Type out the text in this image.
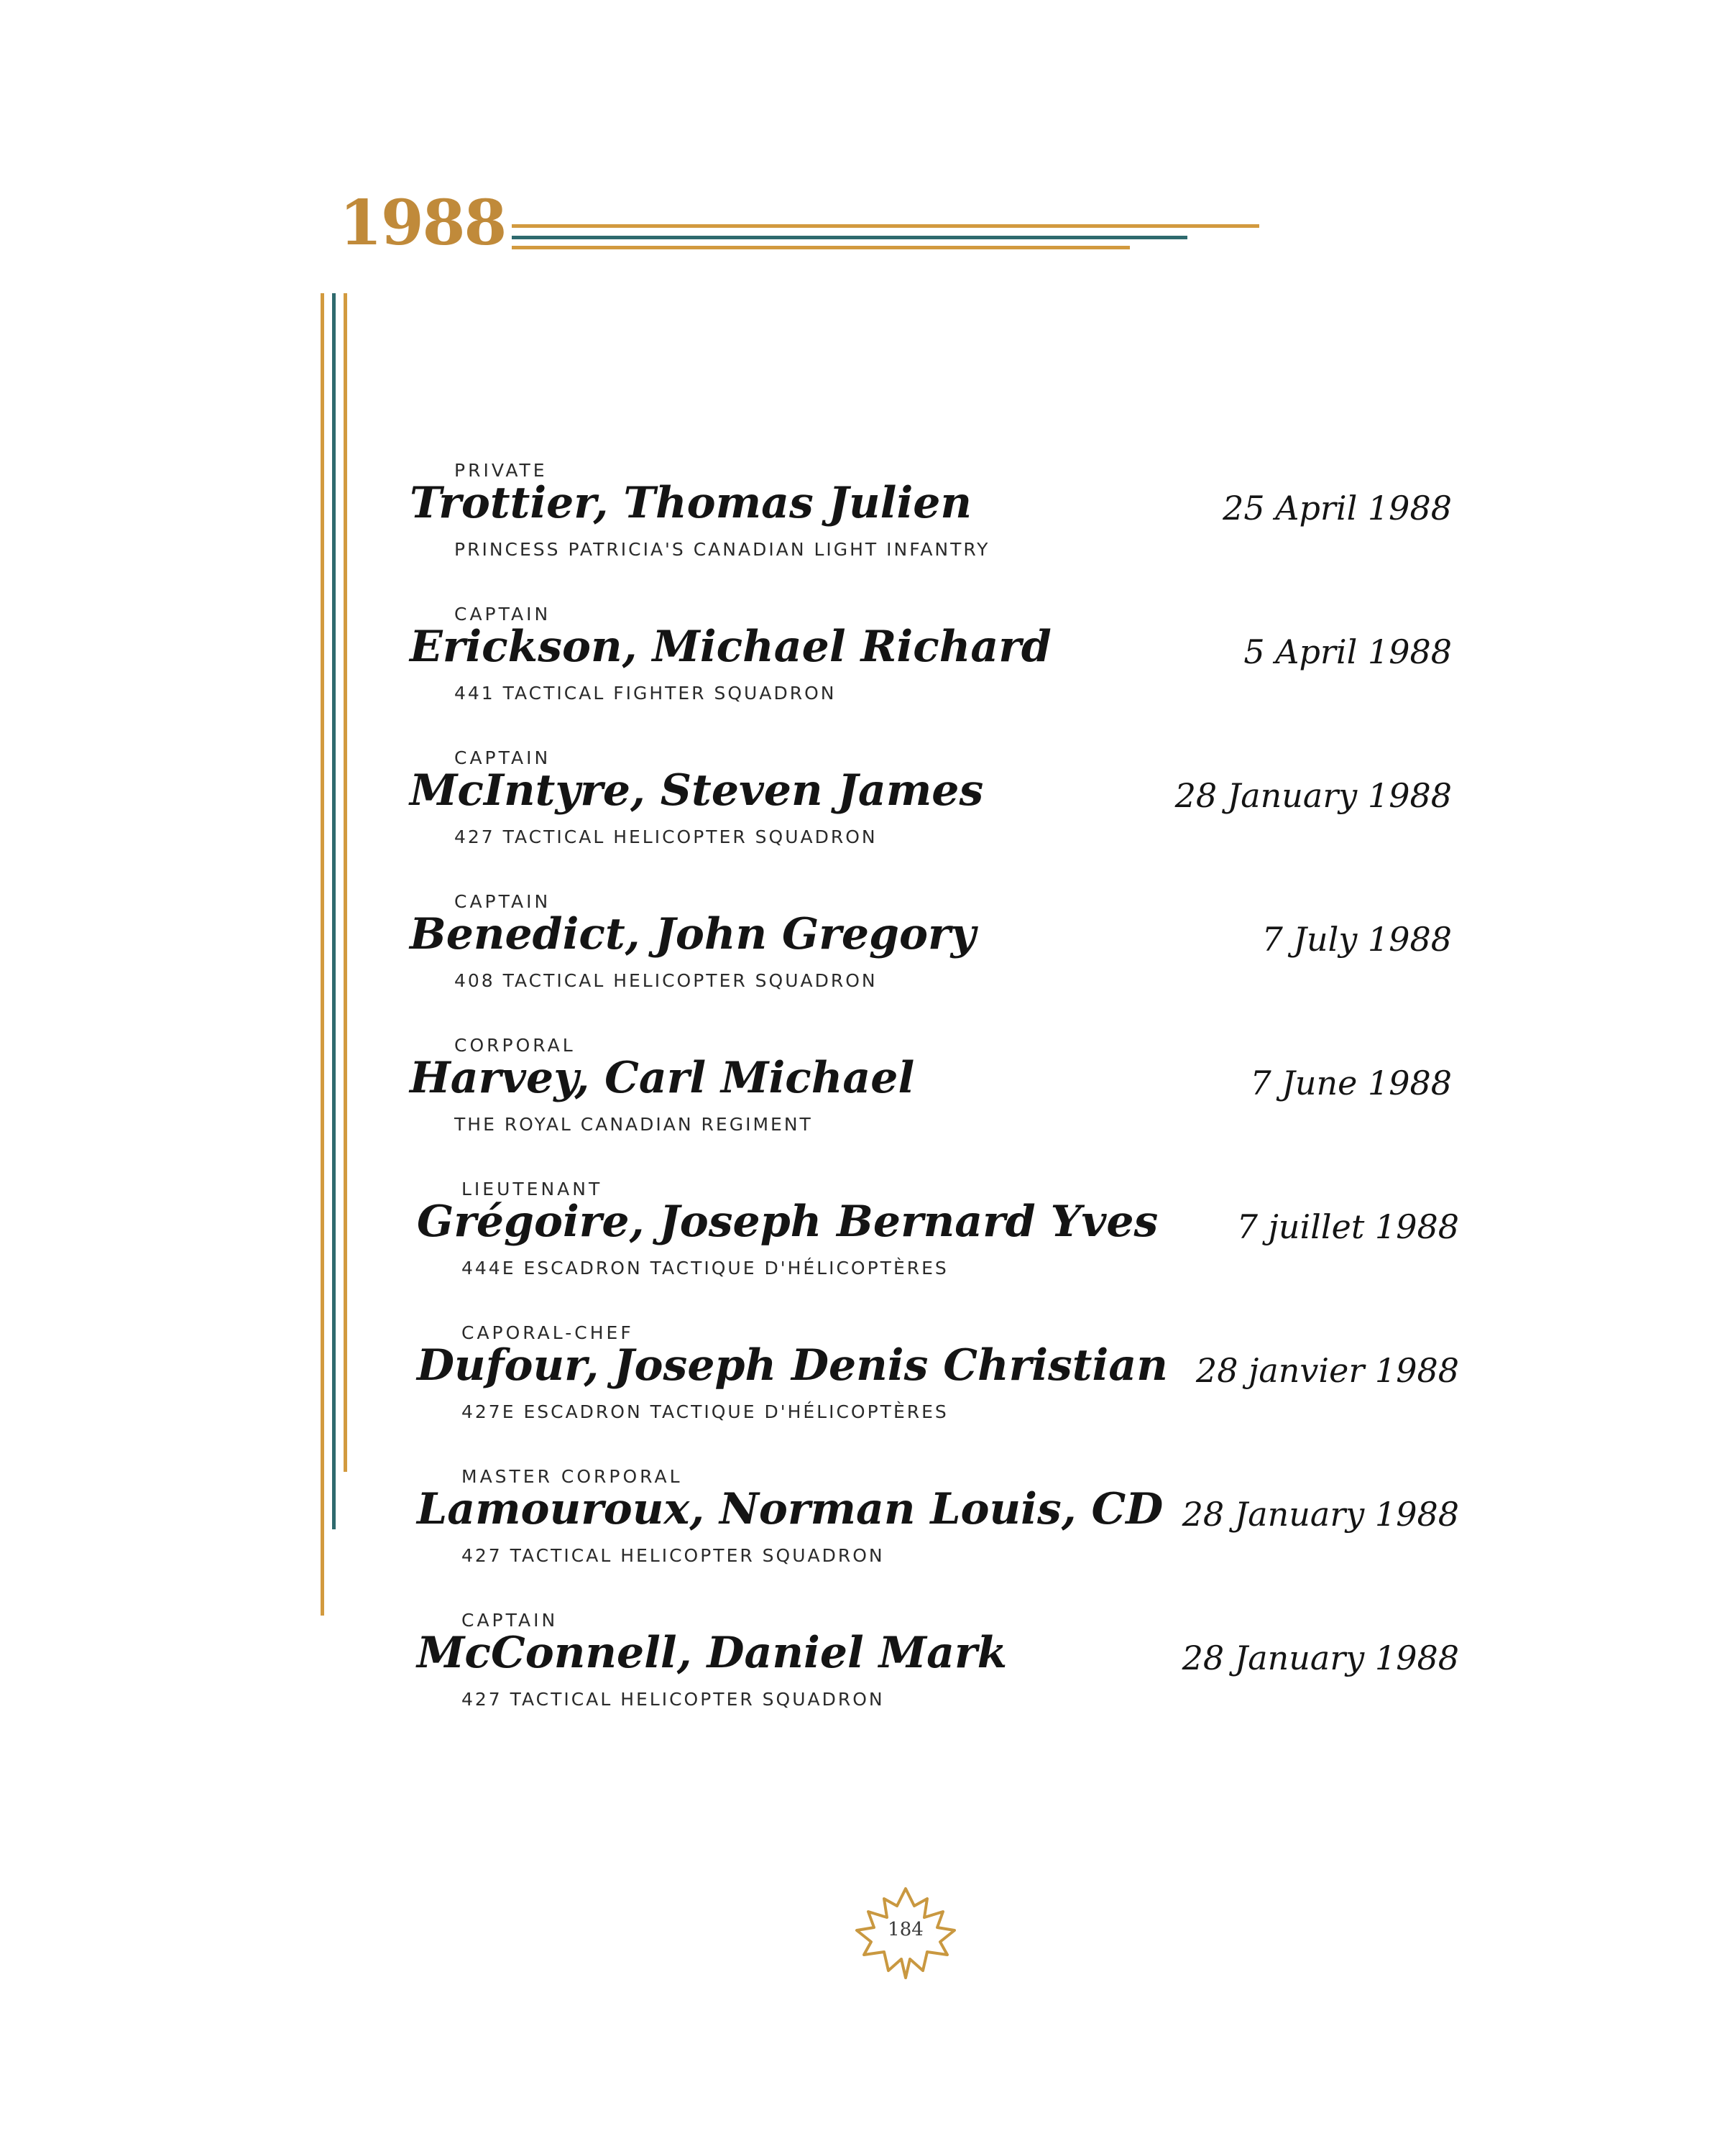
1988
PRIVATE
Trottier, Thomas Julien
PRINCESS PATRICIA'S CANADIAN LIGHT INFANTRY
25 April 1988
CAPTAIN
Erickson, Michael Richard
441 TACTICAL FIGHTER SQUADRON
5 April 1988
CAPTAIN
McIntyre, Steven James
427 TACTICAL HELICOPTER SQUADRON
28 January 1988
CAPTAIN
Benedict, John Gregory
408 TACTICAL HELICOPTER SQUADRON
7 July 1988
CORPORAL
Harvey, Carl Michael
THE ROYAL CANADIAN REGIMENT
7 June 1988
LIEUTENANT
Grégoire, Joseph Bernard Yves
444E ESCADRON TACTIQUE D'HÉLICOPTÈRES
7 juillet 1988
CAPORAL-CHEF
Dufour, Joseph Denis Christian
427E ESCADRON TACTIQUE D'HÉLICOPTÈRES
28 janvier 1988
MASTER CORPORAL
Lamouroux, Norman Louis, CD
427 TACTICAL HELICOPTER SQUADRON
28 January 1988
CAPTAIN
McConnell, Daniel Mark
427 TACTICAL HELICOPTER SQUADRON
28 January 1988
184
